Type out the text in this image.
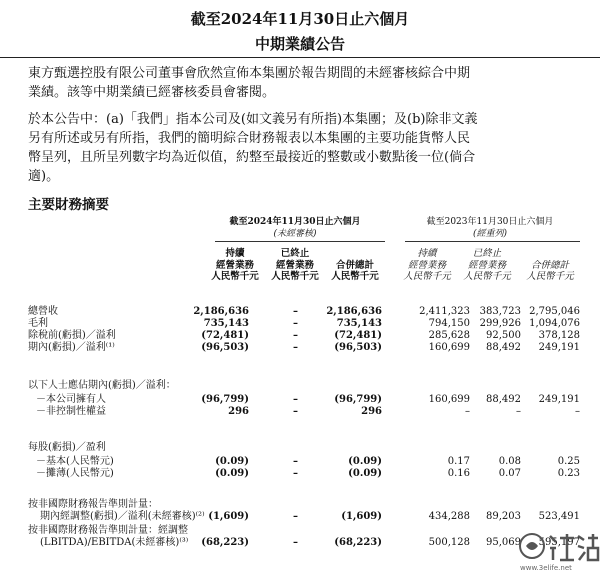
截至2024年11月30日止六個月
中期業績公告
東方甄選控股有限公司董事會欣然宣佈本集團於報告期間的未經審核綜合中期
業績。該等中期業績已經審核委員會審閱。
於本公告中：(a)「我們」指本公司及(如文義另有所指)本集團；及(b)除非文義
另有所述或另有所指，我們的簡明綜合財務報表以本集團的主要功能貨幣人民
幣呈列，且所呈列數字均為近似值，約整至最接近的整數或小數點後一位(倘合
適)。
主要財務摘要
截至2024年11月30日止六個月
(未經審核)
截至2023年11月30日止六個月
(經重列)
持續
經營業務
人民幣千元
已終止
經營業務
人民幣千元

合併總計
人民幣千元
持續
經營業務
人民幣千元
已終止
經營業務
人民幣千元

合併總計
人民幣千元
總營收	2,186,636	–	2,186,636	2,411,323 383,723 2,795,046
毛利	735,143	–	735,143	794,150 299,926 1,094,076
除稅前(虧損)／溢利	(72,481)	–	(72,481)	285,628 92,500 378,128
期內(虧損)／溢利⁽¹⁾	(96,503)	–	(96,503)	160,699 88,492 249,191
以下人士應佔期內(虧損)／溢利：
－本公司擁有人	(96,799)	–	(96,799)	160,699 88,492 249,191
－非控制性權益	296	–	296	–	–	–
每股(虧損)／盈利
－基本(人民幣元)	(0.09)	–	(0.09)	0.17	0.08	0.25
－攤薄(人民幣元)	(0.09)	–	(0.09)	0.16	0.07	0.23
按非國際財務報告準則計量：
期內經調整(虧損)／溢利(未經審核)⁽²⁾ (1,609)	–	(1,609)	434,288 89,203 523,491
按非國際財務報告準則計量：經調整
(LBITDA)/EBITDA(未經審核)⁽³⁾ (68,223)	–	(68,223)	500,128 95,069 595,197
www.3elife.net
